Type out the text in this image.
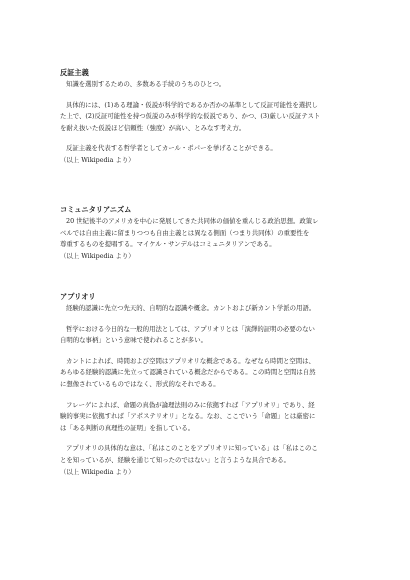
反証主義

知識を選別するための、多数ある手続のうちのひとつ。

具体的には、(1)ある理論・仮説が科学的であるか否かの基準として反証可能性を選択し
た上で、(2)反証可能性を持つ仮説のみが科学的な仮説であり、かつ、(3)厳しい反証テスト
を耐え抜いた仮説ほど信頼性（強度）が高い、とみなす考え方。

反証主義を代表する哲学者としてカール・ポパーを挙げることができる。

（以上 Wikipedia より）

コミュニタリアニズム

20 世紀後半のアメリカを中心に発展してきた共同体の価値を重んじる政治思想。政策レ
ベルでは自由主義に留まりつつも自由主義とは異なる側面（つまり共同体）の重要性を
尊重するものを提唱する。マイケル・サンデルはコミュニタリアンである。

（以上 Wikipedia より）

アプリオリ

経験的認識に先立つ先天的、自明的な認識や概念。カントおよび新カント学派の用語。

哲学における今日的な一般的用法としては、アプリオリとは「演繹的証明の必要のない
自明的な事柄」という意味で使われることが多い。

カントによれば、時間および空間はアプリオリな概念である。なぜなら時間と空間は、
あらゆる経験的認識に先立って認識されている概念だからである。この時間と空間は自然
に想像されているものではなく、形式的なそれである。

フレーゲによれば、命題の真偽が論理法則のみに依拠すれば「アプリオリ」であり、経
験的事実に依拠すれば「アポステリオリ」となる。なお、ここでいう「命題」とは厳密に
は「ある判断の真理性の証明」を指している。

アプリオリの具体的な意は、「私はこのことをアプリオリに知っている」は「私はこのこ
とを知っているが、経験を通じて知ったのではない」と言うような具合である。

（以上 Wikipedia より）
